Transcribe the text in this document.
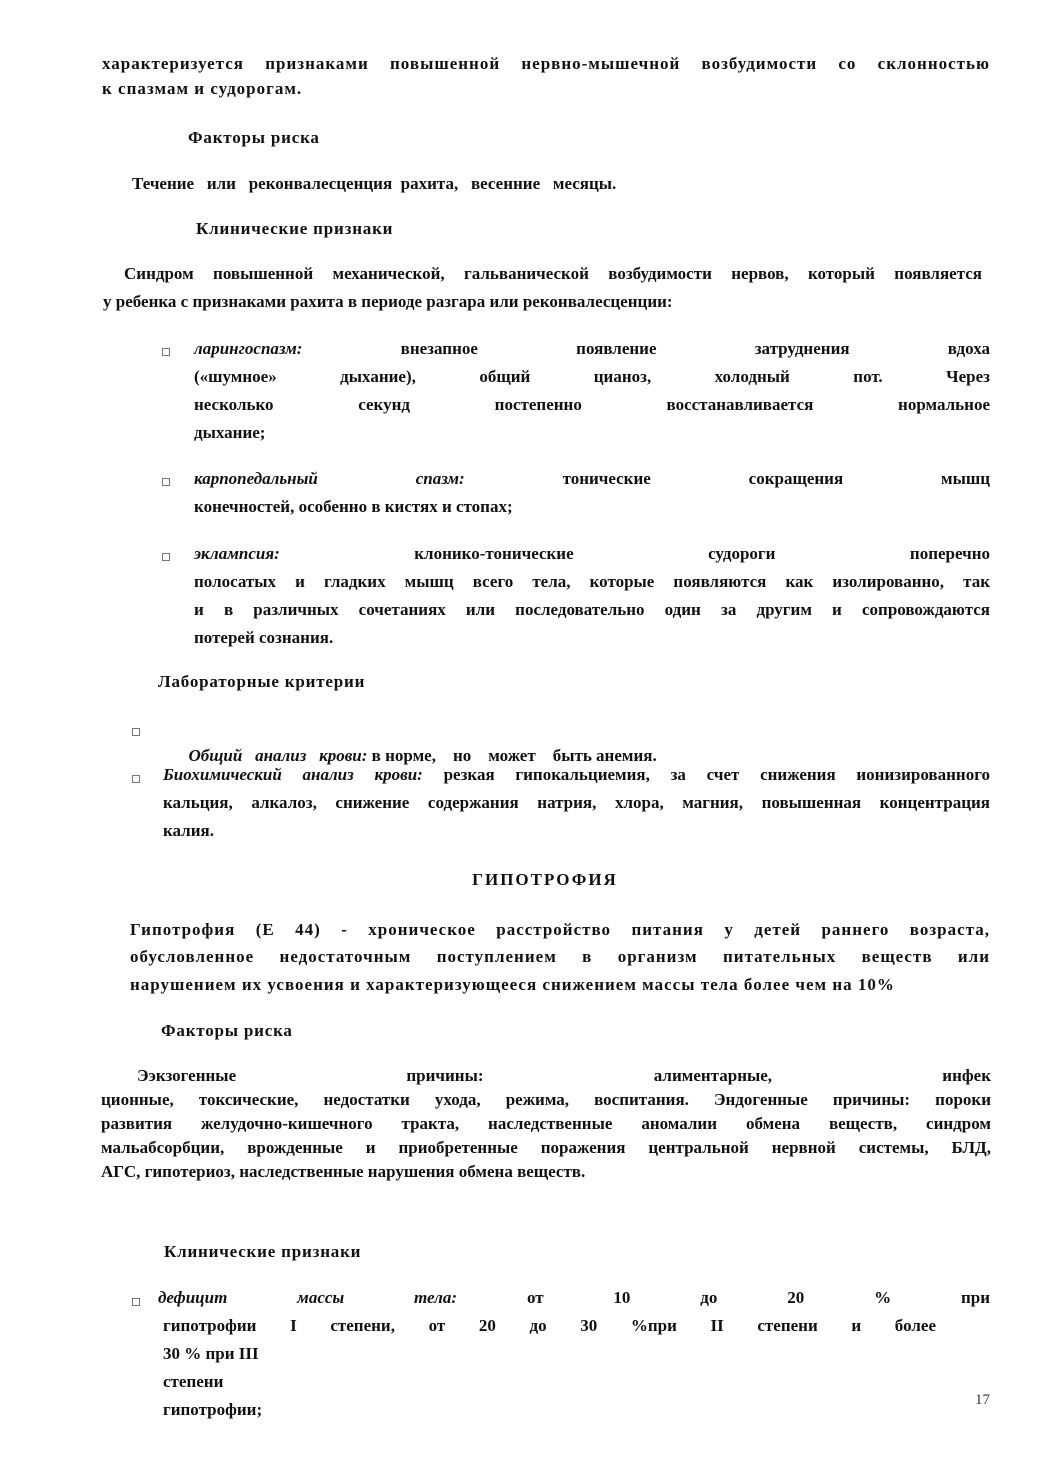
характеризуется признаками повышенной нервно-мышечной возбудимости со склонностью
к спазмам и судорогам.
Факторы риска
Течение   или   реконвалесценция  рахита,   весенние   месяцы.
Клинические признаки
Синдром повышенной механической, гальванической возбудимости нервов, который появляется
у ребенка с признаками рахита в периоде разгара или реконвалесценции:
ларингоспазм:	внезапное появление затруднения вдоха
(«шумное» дыхание), общий цианоз, холодный пот. Через
несколько секунд постепенно восстанавливается нормальное
дыхание;
карпопедальный спазм:	тонические сокращения мышц
конечностей, особенно в кистях и стопах;
эклампсия:	клонико-тонические судороги поперечно
полосатых и гладких мышц всего тела, которые появляются как изолированно, так
и в различных сочетаниях или последовательно один за другим и сопровождаются
потерей сознания.
Лабораторные критерии

Общий   анализ   крови: в норме,    но    может    быть анемия.

Биохимический анализ крови: резкая гипокальциемия, за счет снижения ионизированного
кальция, алкалоз, снижение содержания натрия, хлора, магния, повышенная концентрация
калия.
ГИПОТРОФИЯ
Гипотрофия (Е 44) - хроническое расстройство питания у детей раннего возраста,
обусловленное недостаточным поступлением в организм питательных веществ или
нарушением их усвоения и характеризующееся снижением массы тела более чем на 10%
Факторы риска
Ээкзогенные причины: алиментарные, инфек
ционные, токсические, недостатки ухода, режима, воспитания. Эндогенные причины: пороки
развития желудочно-кишечного тракта, наследственные аномалии обмена веществ, синдром
мальабсорбции, врожденные и приобретенные поражения центральной нервной системы, БЛД,
АГС, гипотериоз, наследственные нарушения обмена веществ.
Клинические признаки
дефицит массы тела:	от 10 до 20 % при
гипотрофии I степени, от 20 до 30 %при II степени и более
30 % при III степени гипотрофии;	17
